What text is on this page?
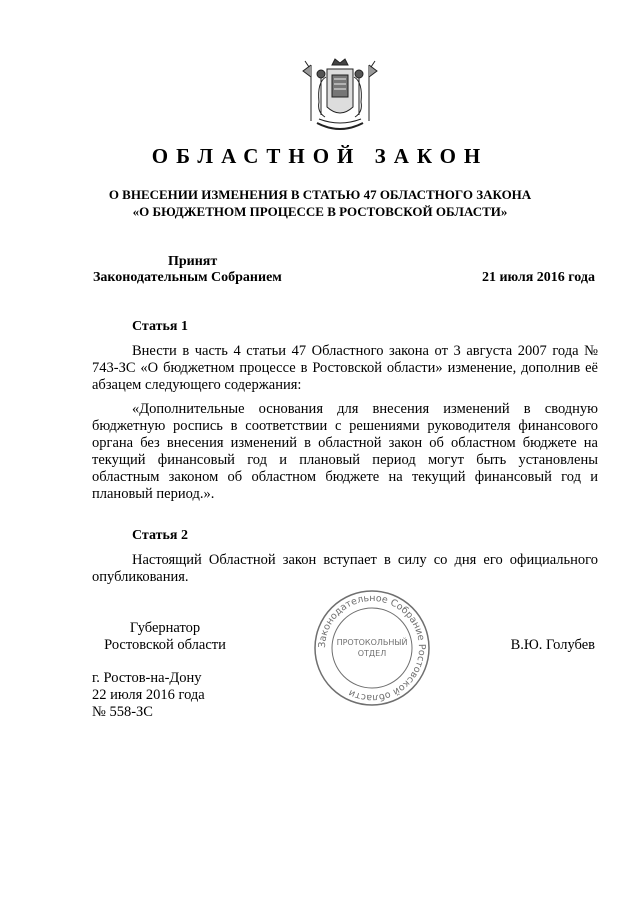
ОБЛАСТНОЙ ЗАКОН
О ВНЕСЕНИИ ИЗМЕНЕНИЯ В СТАТЬЮ 47 ОБЛАСТНОГО ЗАКОНА
«О БЮДЖЕТНОМ ПРОЦЕССЕ В РОСТОВСКОЙ ОБЛАСТИ»
Принят
Законодательным Собранием	21 июля 2016 года
Статья 1
Внести в часть 4 статьи 47 Областного закона от 3 августа 2007 года № 743-ЗС «О бюджетном процессе в Ростовской области» изменение, дополнив её абзацем следующего содержания:
«Дополнительные основания для внесения изменений в сводную бюджетную роспись в соответствии с решениями руководителя финансового органа без внесения изменений в областной закон об областном бюджете на текущий финансовый год и плановый период могут быть установлены областным законом об областном бюджете на текущий финансовый год и плановый период.».
Статья 2
Настоящий Областной закон вступает в силу со дня его официального опубликования.
Губернатор
Ростовской области	В.Ю. Голубев
г. Ростов-на-Дону
22 июля 2016 года
№ 558-ЗС
Законодательное Собрание Ростовской области
ПРОТОКОЛЬНЫЙ
ОТДЕЛ
